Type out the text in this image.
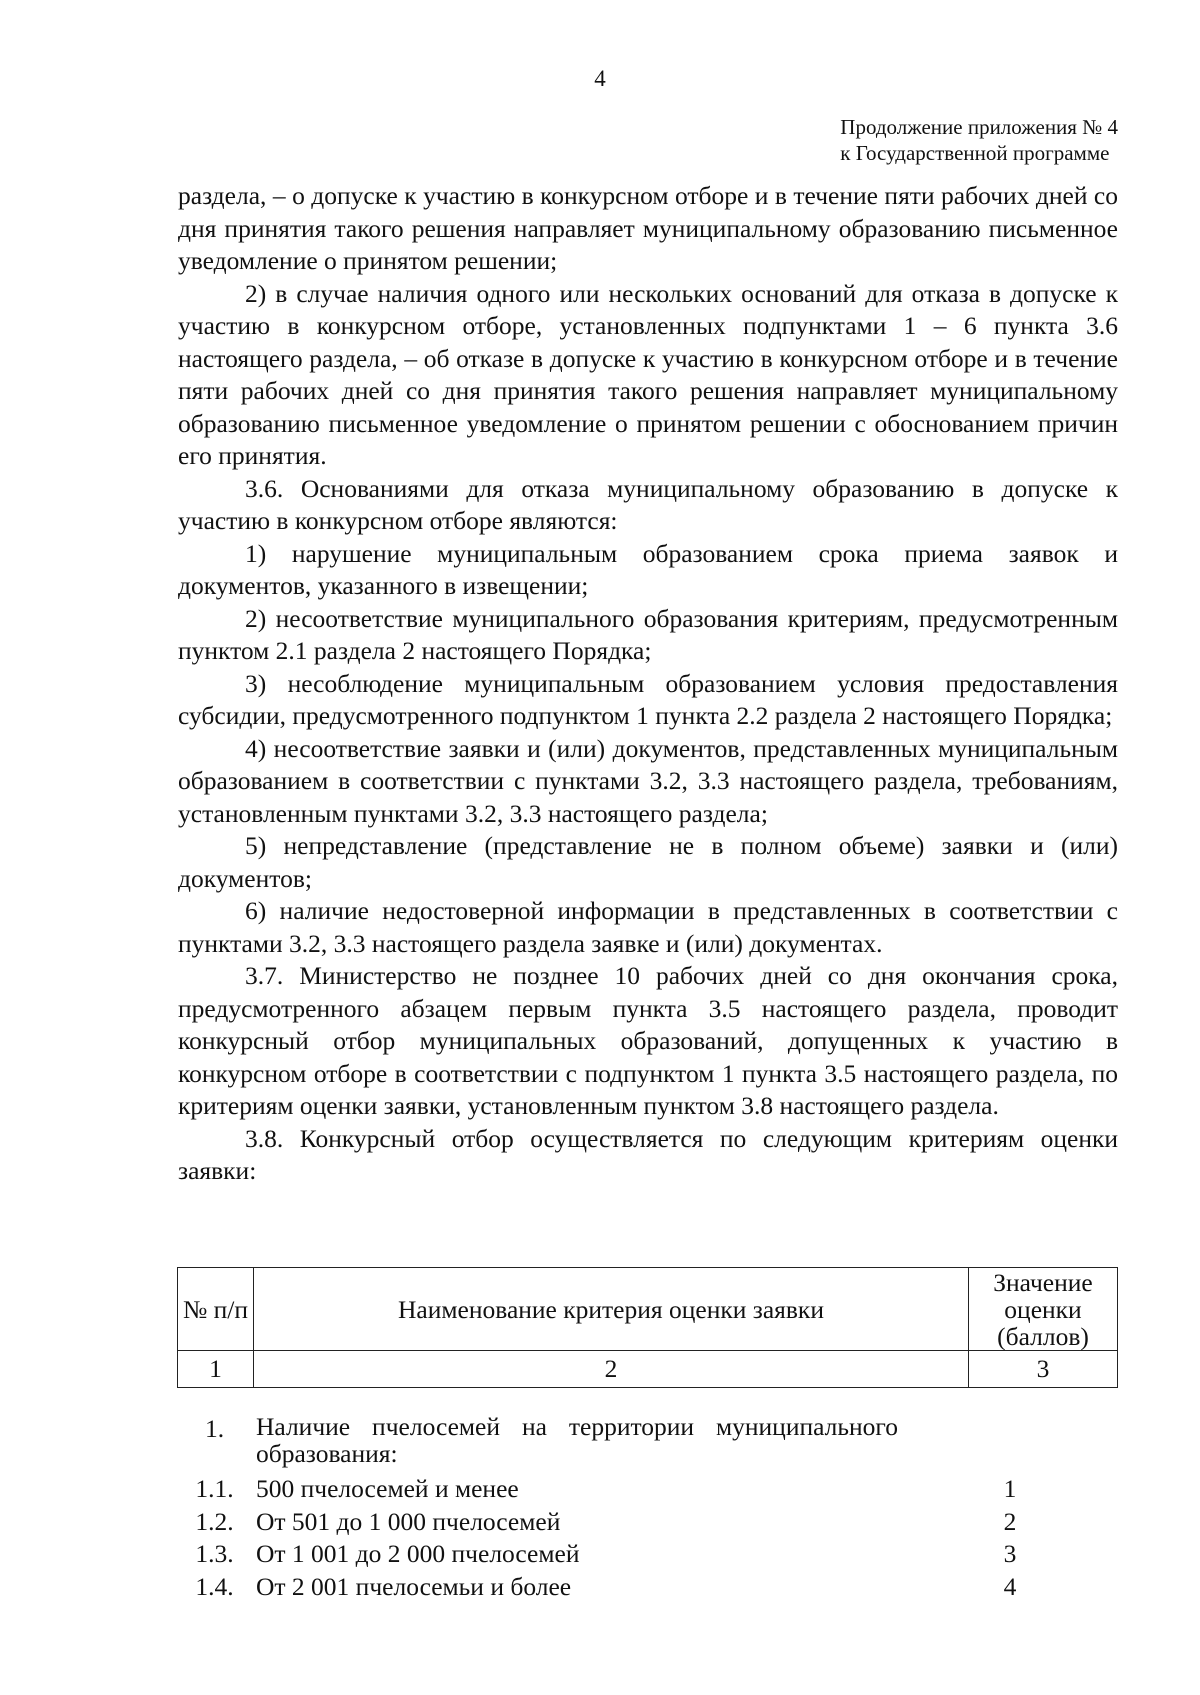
4
Продолжение приложения № 4
к Государственной программе

раздела, – о допуске к участию в конкурсном отборе и в течение пяти рабочих дней со дня принятия такого решения направляет муниципальному образованию письменное уведомление о принятом решении;

2) в случае наличия одного или нескольких оснований для отказа в допуске к участию в конкурсном отборе, установленных подпунктами 1 – 6 пункта 3.6 настоящего раздела, – об отказе в допуске к участию в конкурсном отборе и в течение пяти рабочих дней со дня принятия такого решения направляет муниципальному образованию письменное уведомление о принятом решении с обоснованием причин его принятия.

3.6. Основаниями для отказа муниципальному образованию в допуске к участию в конкурсном отборе являются:

1) нарушение муниципальным образованием срока приема заявок и документов, указанного в извещении;

2) несоответствие муниципального образования критериям, предусмотренным пунктом 2.1 раздела 2 настоящего Порядка;

3) несоблюдение муниципальным образованием условия предоставления субсидии, предусмотренного подпунктом 1 пункта 2.2 раздела 2 настоящего Порядка;

4) несоответствие заявки и (или) документов, представленных муниципальным образованием в соответствии с пунктами 3.2, 3.3 настоящего раздела, требованиям, установленным пунктами 3.2, 3.3 настоящего раздела;

5) непредставление (представление не в полном объеме) заявки и (или) документов;

6) наличие недостоверной информации в представленных в соответствии с пунктами 3.2, 3.3 настоящего раздела заявке и (или) документах.

3.7. Министерство не позднее 10 рабочих дней со дня окончания срока, предусмотренного абзацем первым пункта 3.5 настоящего раздела, проводит конкурсный отбор муниципальных образований, допущенных к участию в конкурсном отборе в соответствии с подпунктом 1 пункта 3.5 настоящего раздела, по критериям оценки заявки, установленным пунктом 3.8 настоящего раздела.

3.8. Конкурсный отбор осуществляется по следующим критериям оценки заявки:

№ п/п	Наименование критерия оценки заявки	Значение оценки (баллов)
1	2	3
1.	Наличие пчелосемей на территории муниципального образования:	
1.1.	500 пчелосемей и менее	1
1.2.	От 501 до 1 000 пчелосемей	2
1.3.	От 1 001 до 2 000 пчелосемей	3
1.4.	От 2 001 пчелосемьи и более	4
